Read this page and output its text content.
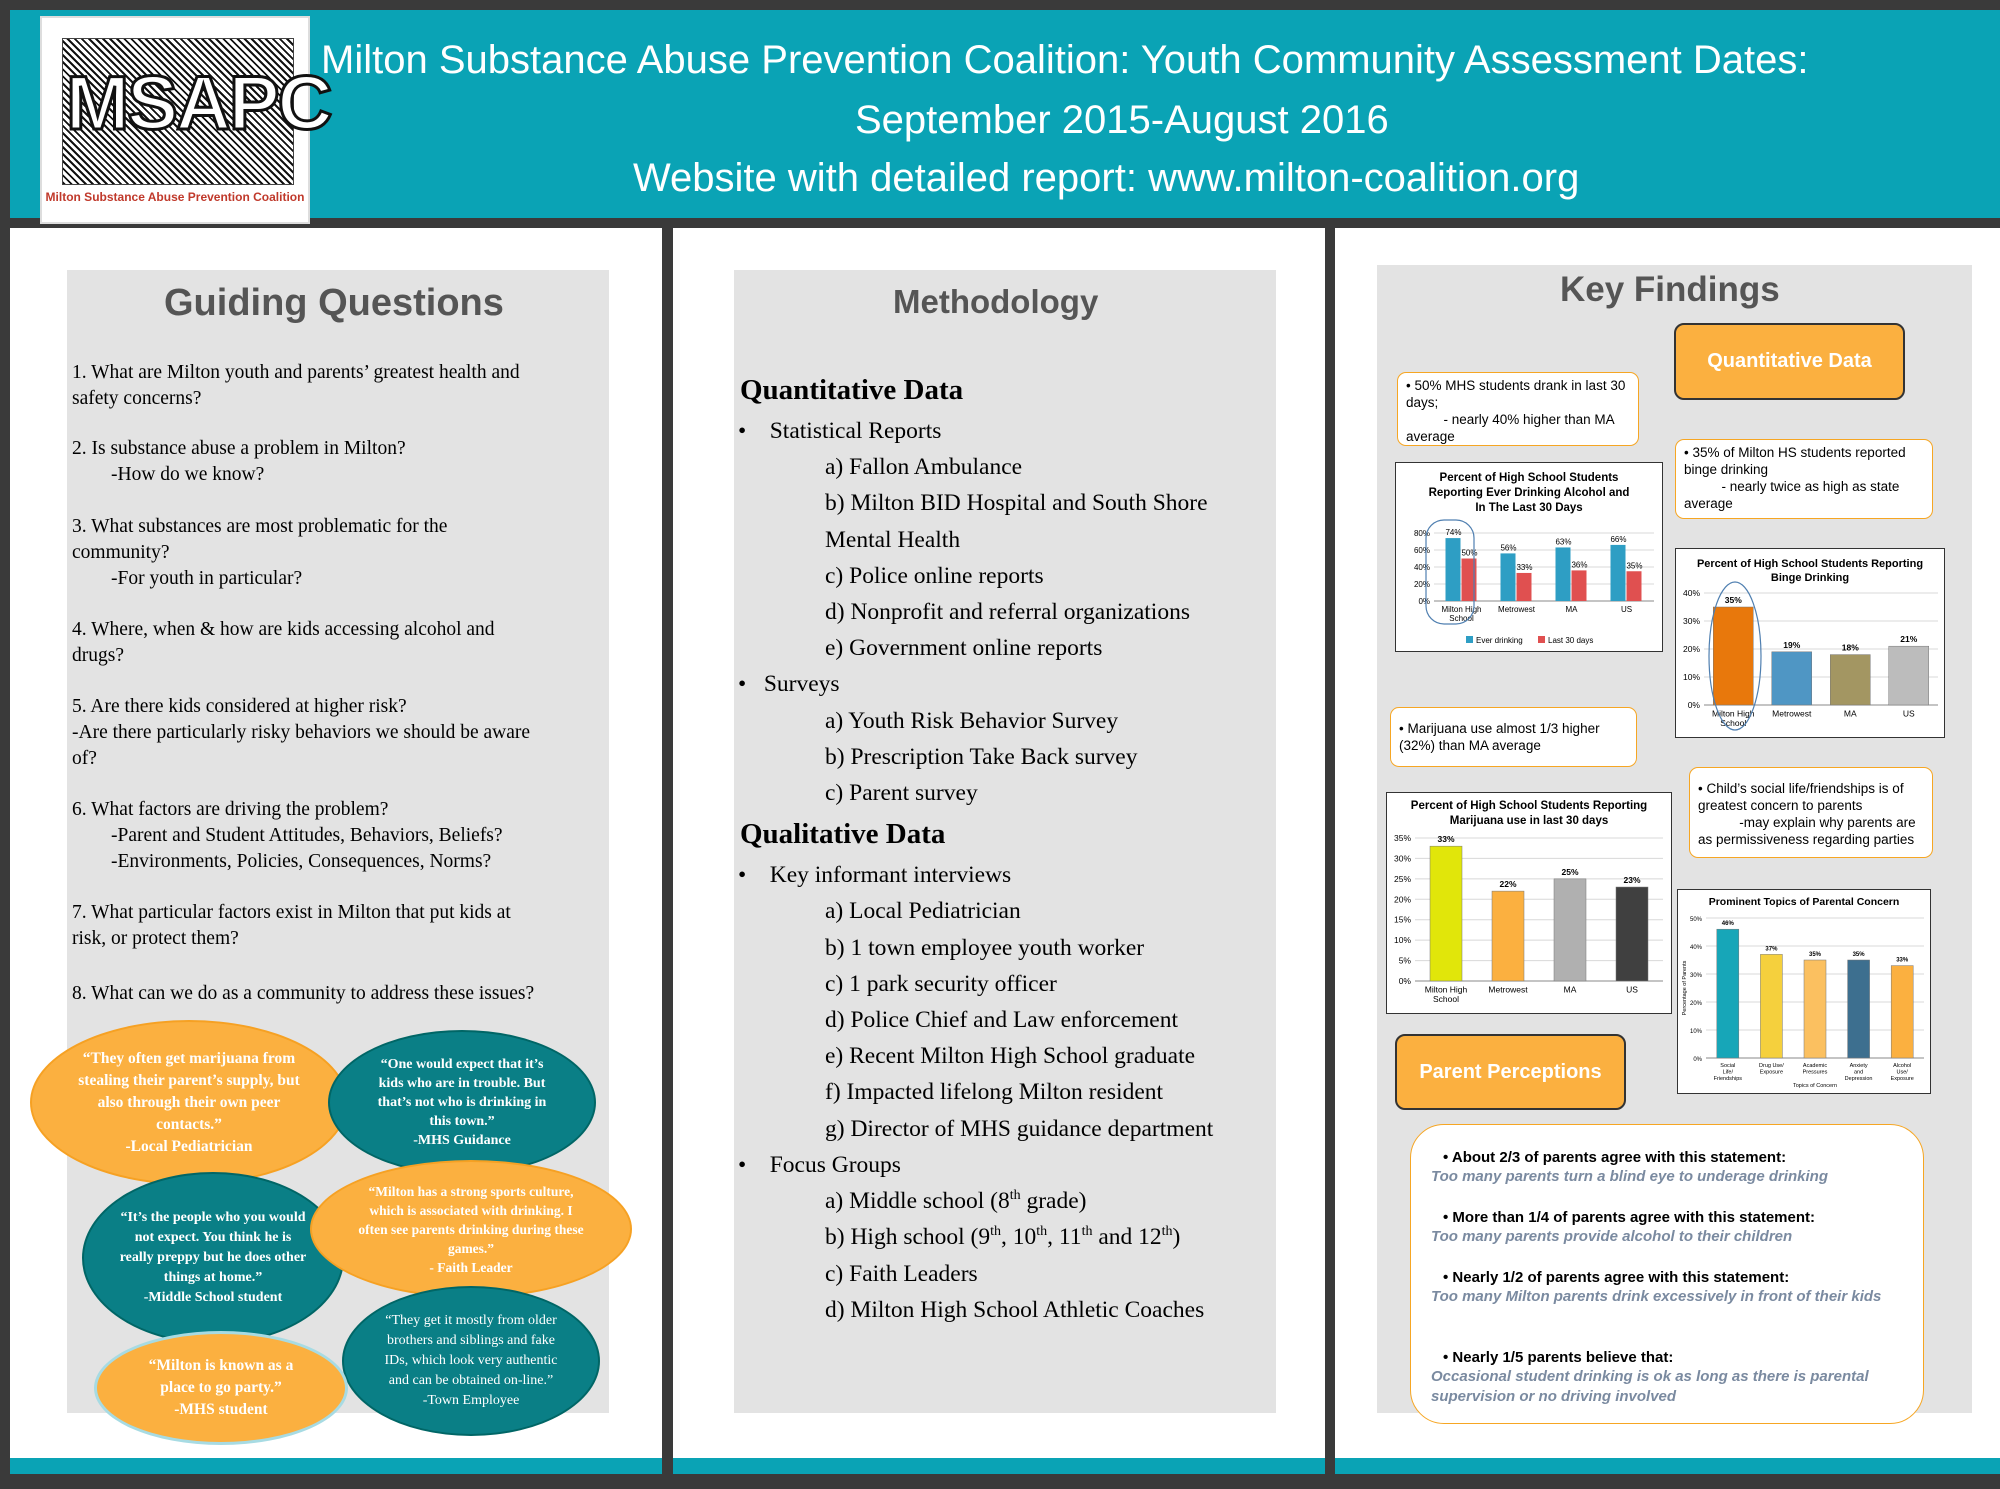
MSAPC
Milton Substance Abuse Prevention Coalition
Milton Substance Abuse Prevention Coalition: Youth Community Assessment Dates:
September 2015-August 2016
Website with detailed report: www.milton-coalition.org
Guiding Questions
1. What are Milton youth and parents’ greatest health and
safety concerns?
2. Is substance abuse a problem in Milton?
-How do we know?
3. What substances are most problematic for the
community?
-For youth in particular?
4. Where, when & how are kids accessing alcohol and
drugs?
5. Are there kids considered at higher risk?
-Are there particularly risky behaviors we should be aware
of?
6. What factors are driving the problem?
-Parent and Student Attitudes, Behaviors, Beliefs?
-Environments, Policies, Consequences, Norms?
7. What particular factors exist in Milton that put kids at
risk, or protect them?
8. What can we do as a community to address these issues?
“They often get marijuana from stealing their parent’s supply, but also through their own peer contacts.”
-Local Pediatrician
“One would expect that it’s kids who are in trouble. But that’s not who is drinking in this town.”
-MHS Guidance
“It’s the people who you would not expect. You think he is really preppy but he does other things at home.”
-Middle School student
“Milton has a strong sports culture, which is associated with drinking. I often see parents drinking during these games.”
- Faith Leader
“They get it mostly from older brothers and siblings and fake IDs, which look very authentic and can be obtained on-line.”
-Town Employee
“Milton is known as a place to go party.”
-MHS student
Methodology
Quantitative Data
•    Statistical Reports
a) Fallon Ambulance
b) Milton BID Hospital and South Shore
Mental Health
c) Police online reports
d) Nonprofit and referral organizations
e) Government online reports
•   Surveys
a) Youth Risk Behavior Survey
b) Prescription Take Back survey
c) Parent survey
Qualitative Data
•    Key informant interviews
a) Local Pediatrician
b) 1 town employee youth worker
c) 1 park security officer
d) Police Chief and Law enforcement
e) Recent Milton High School graduate
f) Impacted lifelong Milton resident
g) Director of MHS guidance department
•    Focus Groups
a) Middle school (8th grade)
b) High school (9th, 10th, 11th and 12th)
c) Faith Leaders
d) Milton High School Athletic Coaches
Key Findings
Quantitative Data
• 50% MHS students drank in last 30 days;
- nearly 40% higher than MA average
• 35% of Milton HS students reported binge drinking
- nearly twice as high as state average
• Marijuana use almost 1/3 higher (32%) than MA average
• Child’s social life/friendships is of greatest concern to parents
-may explain why parents are as permissiveness regarding parties
Percent of High School Students Reporting Ever Drinking Alcohol and In The Last 30 Days
0%
20%
40%
60%
80% 74%
50%
Milton High
School
56%
33%
Metrowest
63%
36%
MA
66%
35%
US
Ever drinking	Last 30 days
Percent of High School Students Reporting Binge Drinking
0%
10%
20%
30%
40%
35%
Milton High
School
19%
Metrowest
18%
MA
21%
US
Percent of High School Students Reporting Marijuana use in last 30 days
0%
5%
10%
15%
20%
25%
30%
35%	33%
Milton High
School
22%
Metrowest
25%
MA
23%
US
Prominent Topics of Parental Concern
0%
10%
20%
30%
40%
50%
46%
Social
Life/
Friendships
37%
Drug Use/
Exposure
35%
Academic
Pressures
35%
Anxiety
and
Depression
33%
Alcohol
Use/
Exposure
Percentage of Parents
Topics of Concern
Parent Perceptions
• About 2/3 of parents agree with this statement:
Too many parents turn a blind eye to underage drinking
• More than 1/4 of parents agree with this statement:
Too many parents provide alcohol to their children
• Nearly 1/2 of parents agree with this statement:
Too many Milton parents drink excessively in front of their kids
• Nearly 1/5 parents believe that:
Occasional student drinking is ok as long as there is parental supervision or no driving involved
